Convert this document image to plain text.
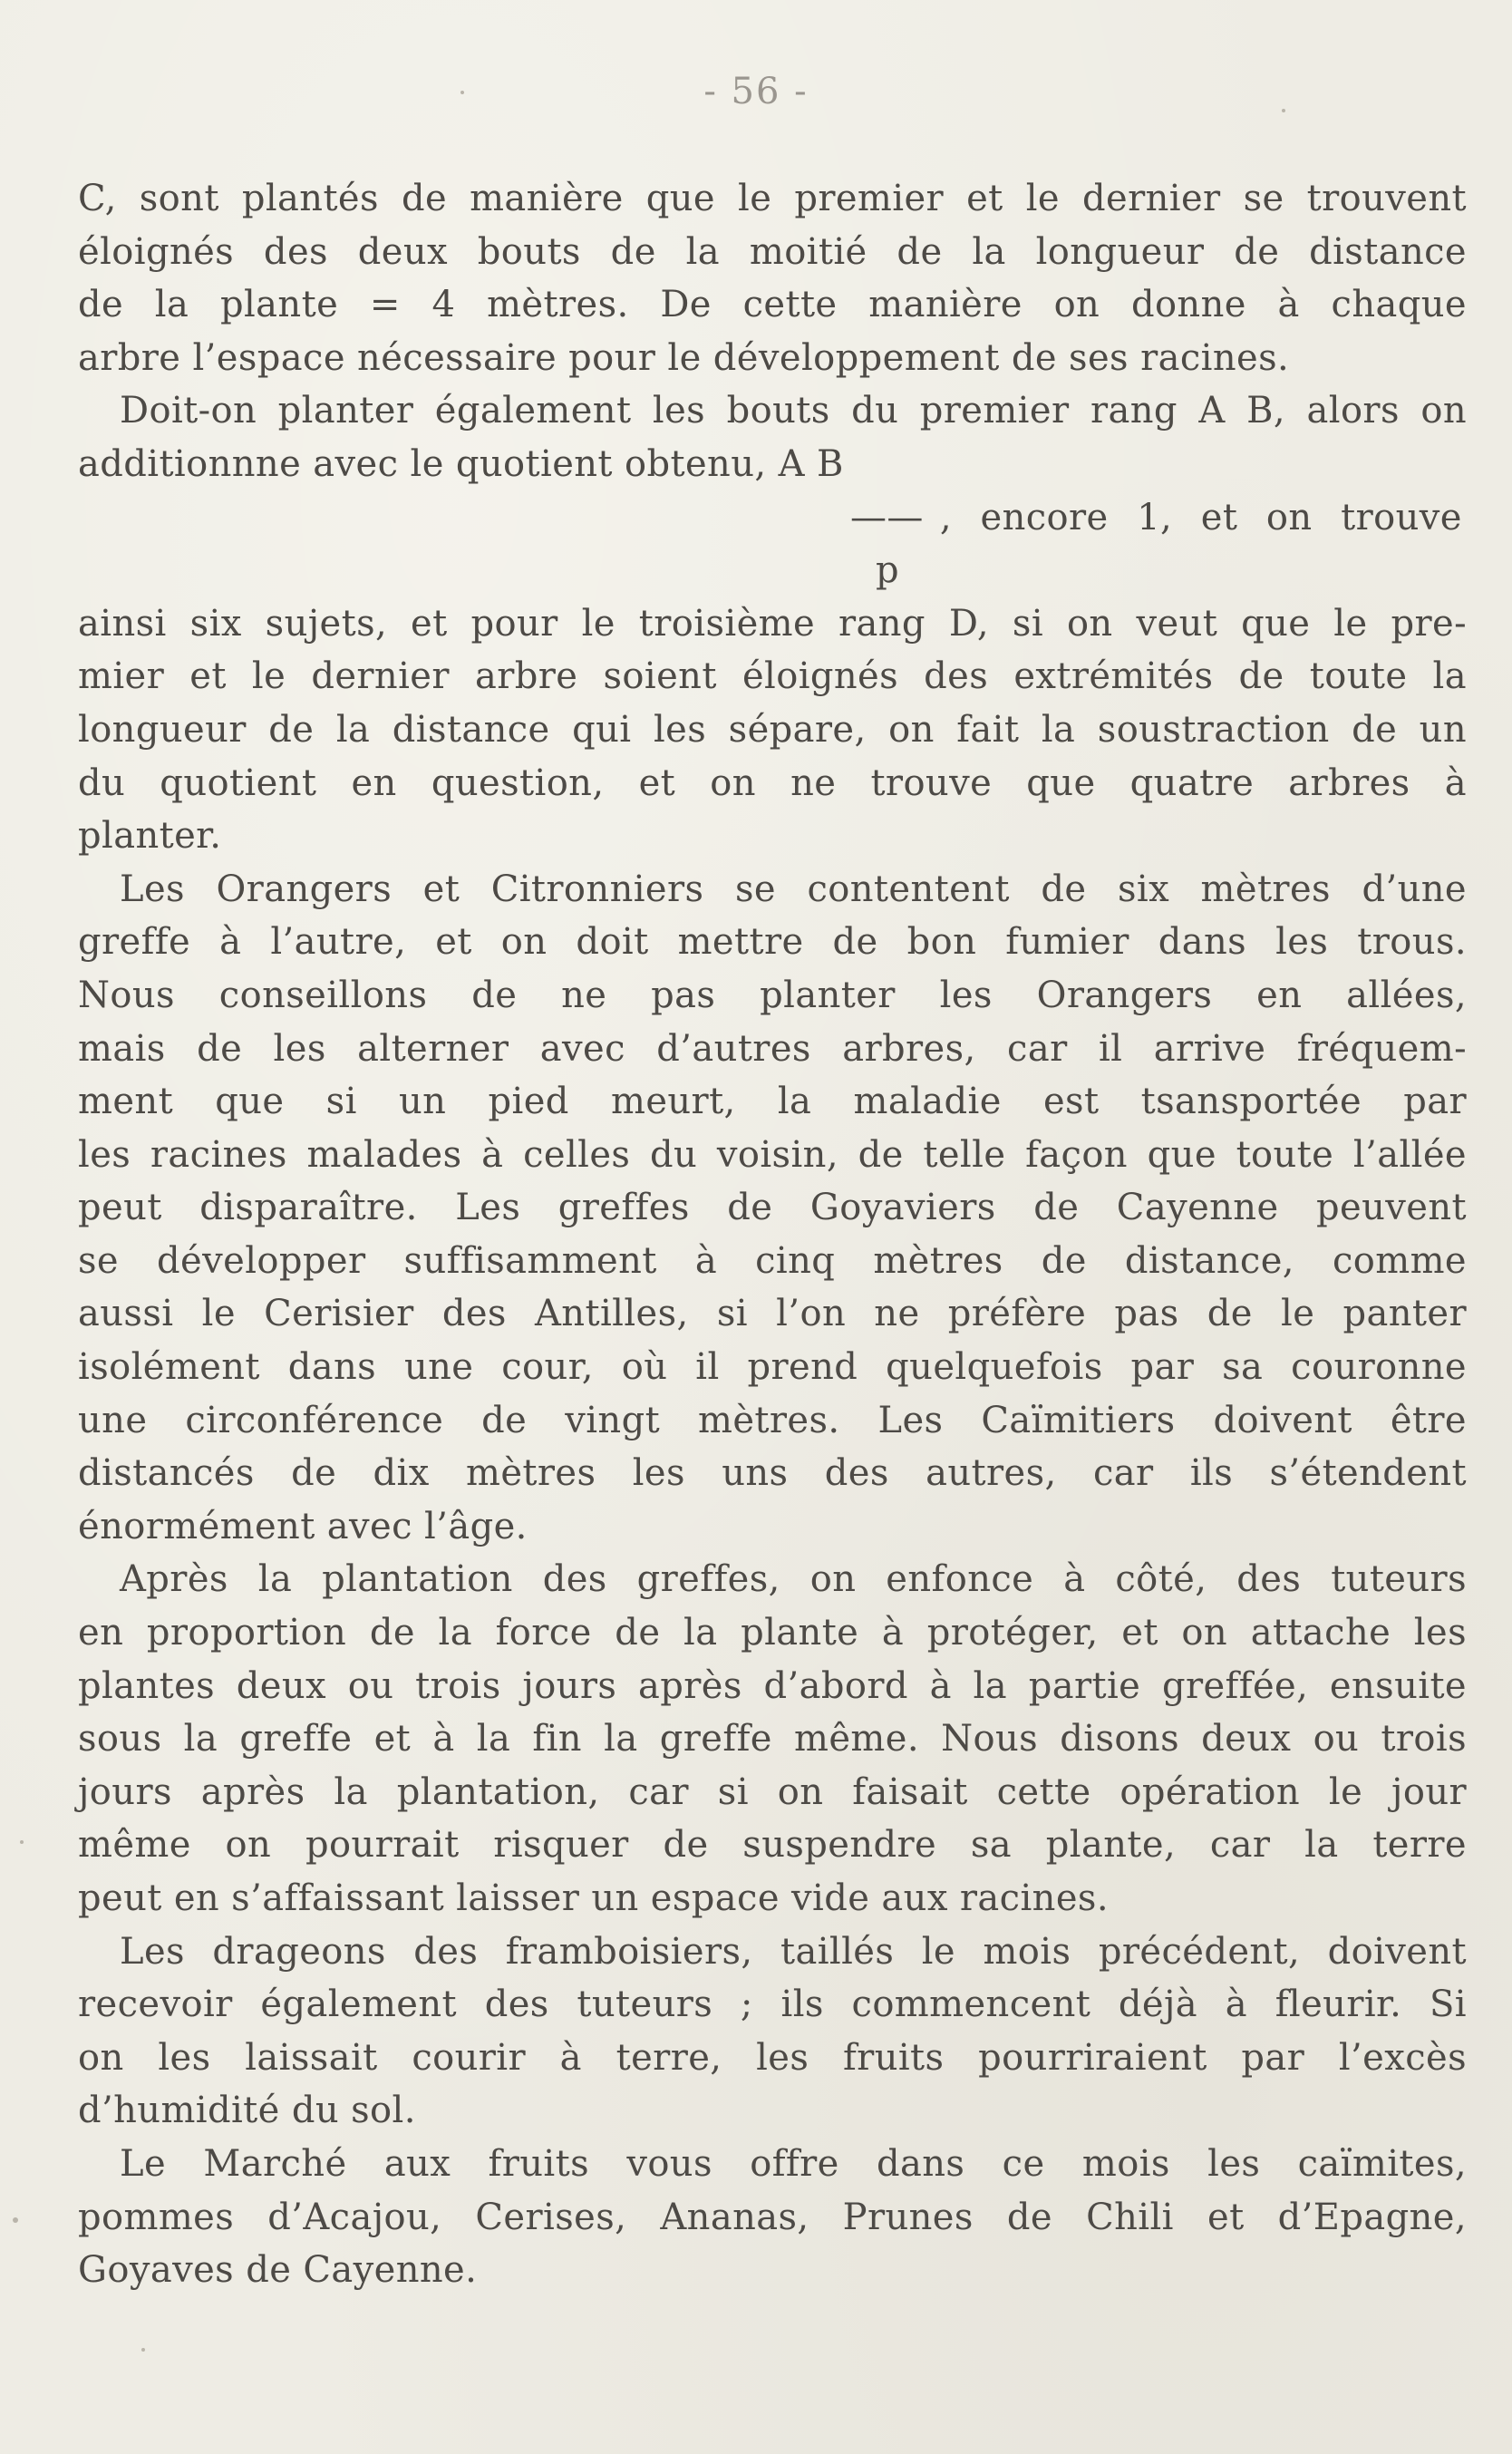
- 56 -
C, sont plantés de manière que le premier et le dernier se trouvent
éloignés des deux bouts de la moitié de la longueur de distance
de la plante = 4 mètres. De cette manière on donne à chaque
arbre l’espace nécessaire pour le développement de ses racines.
Doit-on planter également les bouts du premier rang A B, alors on
additionnne avec le quotient obtenu, A B
—— , encore 1, et on trouve
p
ainsi six sujets, et pour le troisième rang D, si on veut que le pre-
mier et le dernier arbre soient éloignés des extrémités de toute la
longueur de la distance qui les sépare, on fait la soustraction de un
du quotient en question, et on ne trouve que quatre arbres à
planter.
Les Orangers et Citronniers se contentent de six mètres d’une
greffe à l’autre, et on doit mettre de bon fumier dans les trous.
Nous conseillons de ne pas planter les Orangers en allées,
mais de les alterner avec d’autres arbres, car il arrive fréquem-
ment que si un pied meurt, la maladie est tsansportée par
les racines malades à celles du voisin, de telle façon que toute l’allée
peut disparaître. Les greffes de Goyaviers de Cayenne peuvent
se développer suffisamment à cinq mètres de distance, comme
aussi le Cerisier des Antilles, si l’on ne préfère pas de le panter
isolément dans une cour, où il prend quelquefois par sa couronne
une circonférence de vingt mètres. Les Caïmitiers doivent être
distancés de dix mètres les uns des autres, car ils s’étendent
énormément avec l’âge.
Après la plantation des greffes, on enfonce à côté, des tuteurs
en proportion de la force de la plante à protéger, et on attache les
plantes deux ou trois jours après d’abord à la partie greffée, ensuite
sous la greffe et à la fin la greffe même. Nous disons deux ou trois
jours après la plantation, car si on faisait cette opération le jour
même on pourrait risquer de suspendre sa plante, car la terre
peut en s’affaissant laisser un espace vide aux racines.
Les drageons des framboisiers, taillés le mois précédent, doivent
recevoir également des tuteurs ; ils commencent déjà à fleurir. Si
on les laissait courir à terre, les fruits pourriraient par l’excès
d’humidité du sol.
Le Marché aux fruits vous offre dans ce mois les caïmites,
pommes d’Acajou, Cerises, Ananas, Prunes de Chili et d’Epagne,
Goyaves de Cayenne.
